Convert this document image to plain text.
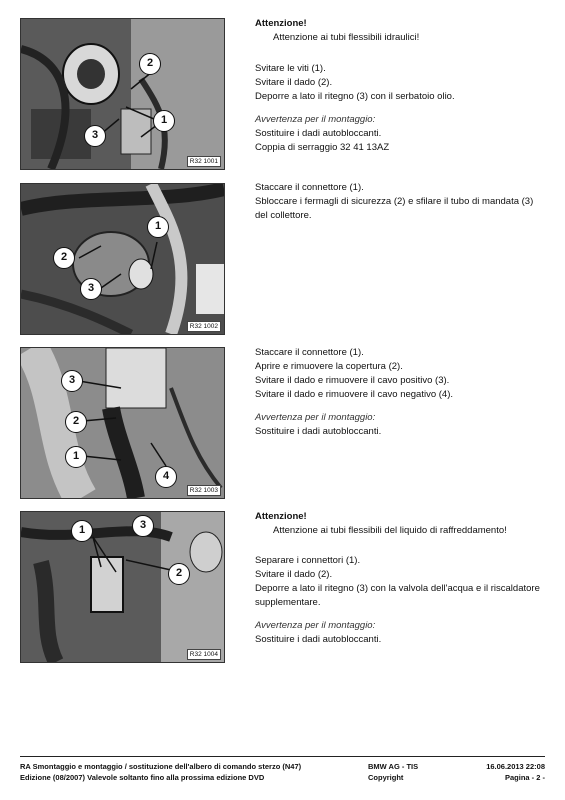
2
1
3
R32 1001

Attenzione!

Attenzione ai tubi flessibili idraulici!

Svitare le viti (1).

Svitare il dado (2).

Deporre a lato il ritegno (3) con il serbatoio olio.

Avvertenza per il montaggio:

Sostituire i dadi autobloccanti.

Coppia di serraggio 32 41 13AZ

1
2
3
R32 1002

Staccare il connettore (1).

Sbloccare i fermagli di sicurezza (2) e sfilare il tubo di mandata (3) del collettore.

3
2
1
4
R32 1003

Staccare il connettore (1).

Aprire e rimuovere la copertura (2).

Svitare il dado e rimuovere il cavo positivo (3).

Svitare il dado e rimuovere il cavo negativo (4).

Avvertenza per il montaggio:

Sostituire i dadi autobloccanti.

1	3
2
R32 1004

Attenzione!

Attenzione ai tubi flessibili del liquido di raffreddamento!

Separare i connettori (1).

Svitare il dado (2).

Deporre a lato il ritegno (3) con la valvola dell'acqua e il riscaldatore supplementare.

Avvertenza per il montaggio:

Sostituire i dadi autobloccanti.

RA Smontaggio e montaggio / sostituzione dell'albero di comando sterzo (N47)	BMW AG - TIS	16.06.2013 22:08
Edizione (08/2007) Valevole soltanto fino alla prossima edizione DVD	Copyright	Pagina - 2 -
